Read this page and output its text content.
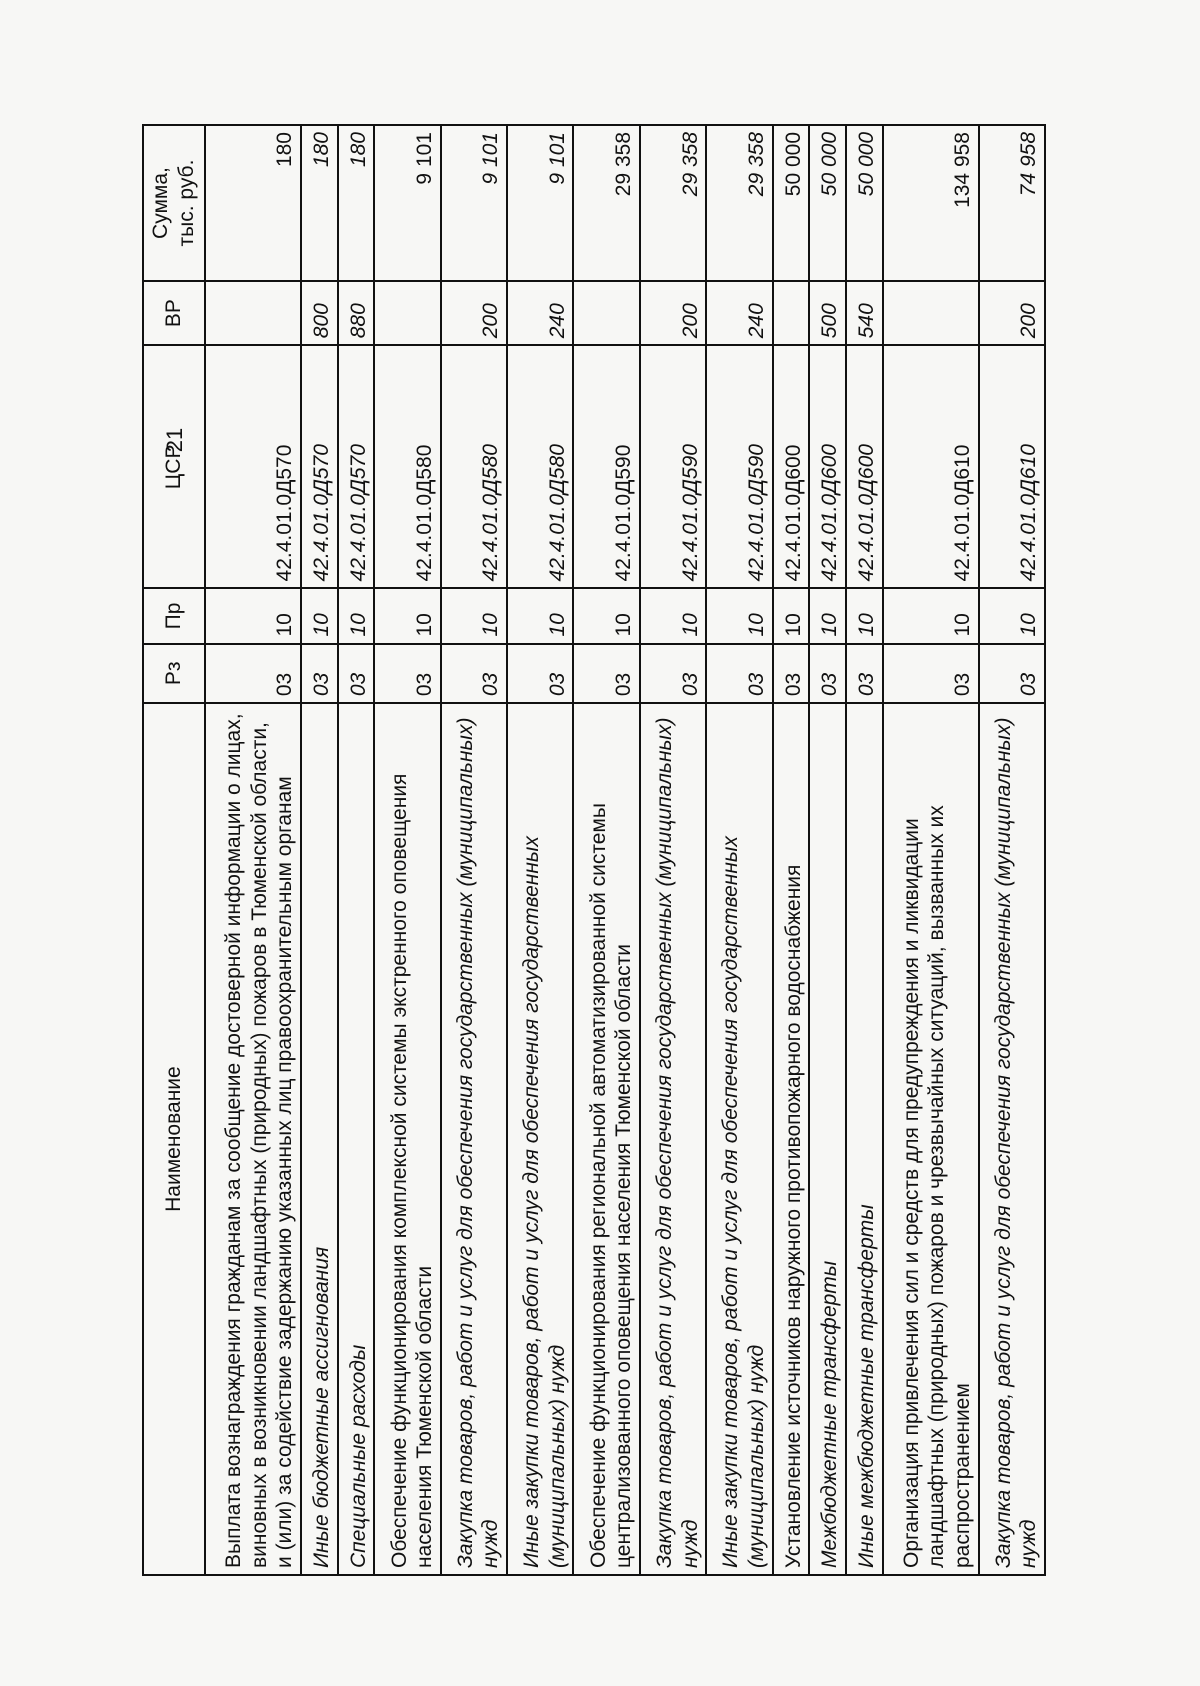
21
Наименование	Рз	Пр	ЦСР	ВР	Сумма, тыс. руб.
Выплата вознаграждения гражданам за сообщение достоверной информации о лицах, виновных в возникновении ландшафтных (природных) пожаров в Тюменской области, и (или) за содействие задержанию указанных лиц правоохранительным органам	03	10	42.4.01.0Д570		180
Иные бюджетные ассигнования	03	10	42.4.01.0Д570	800	180
Специальные расходы	03	10	42.4.01.0Д570	880	180
Обеспечение функционирования комплексной системы экстренного оповещения населения Тюменской области	03	10	42.4.01.0Д580		9 101
Закупка товаров, работ и услуг для обеспечения государственных (муниципальных) нужд	03	10	42.4.01.0Д580	200	9 101
Иные закупки товаров, работ и услуг для обеспечения государственных (муниципальных) нужд	03	10	42.4.01.0Д580	240	9 101
Обеспечение функционирования региональной автоматизированной системы централизованного оповещения населения Тюменской области	03	10	42.4.01.0Д590		29 358
Закупка товаров, работ и услуг для обеспечения государственных (муниципальных) нужд	03	10	42.4.01.0Д590	200	29 358
Иные закупки товаров, работ и услуг для обеспечения государственных (муниципальных) нужд	03	10	42.4.01.0Д590	240	29 358
Установление источников наружного противопожарного водоснабжения	03	10	42.4.01.0Д600		50 000
Межбюджетные трансферты	03	10	42.4.01.0Д600	500	50 000
Иные межбюджетные трансферты	03	10	42.4.01.0Д600	540	50 000
Организация привлечения сил и средств для предупреждения и ликвидации ландшафтных (природных) пожаров и чрезвычайных ситуаций, вызванных их распространением	03	10	42.4.01.0Д610		134 958
Закупка товаров, работ и услуг для обеспечения государственных (муниципальных) нужд	03	10	42.4.01.0Д610	200	74 958
